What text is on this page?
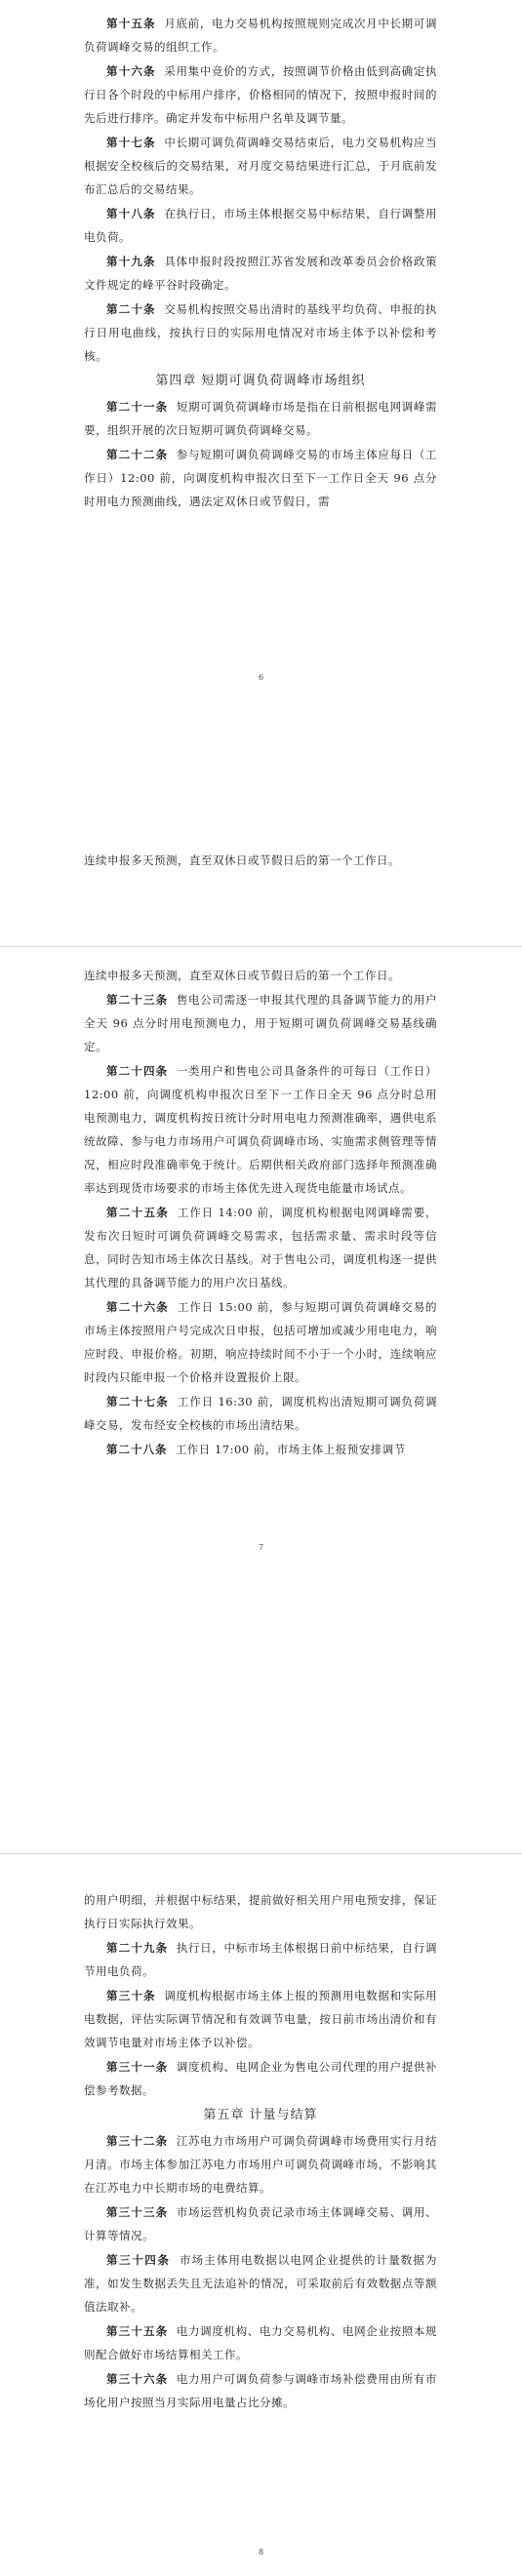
第十五条 月底前，电力交易机构按照规则完成次月中长期可调负荷调峰交易的组织工作。

第十六条 采用集中竞价的方式，按照调节价格由低到高确定执行日各个时段的中标用户排序，价格相同的情况下，按照申报时间的先后进行排序。确定并发布中标用户名单及调节量。

第十七条 中长期可调负荷调峰交易结束后，电力交易机构应当根据安全校核后的交易结果，对月度交易结果进行汇总，于月底前发布汇总后的交易结果。

第十八条 在执行日，市场主体根据交易中标结果，自行调整用电负荷。

第十九条 具体申报时段按照江苏省发展和改革委员会价格政策文件规定的峰平谷时段确定。

第二十条 交易机构按照交易出清时的基线平均负荷、申报的执行日用电曲线，按执行日的实际用电情况对市场主体予以补偿和考核。

第四章 短期可调负荷调峰市场组织

第二十一条 短期可调负荷调峰市场是指在日前根据电网调峰需要，组织开展的次日短期可调负荷调峰交易。

第二十二条 参与短期可调负荷调峰交易的市场主体应每日（工作日）12:00 前，向调度机构申报次日至下一工作日全天 96 点分时用电力预测曲线，遇法定双休日或节假日，需

6

连续申报多天预测，直至双休日或节假日后的第一个工作日。

连续申报多天预测，直至双休日或节假日后的第一个工作日。

第二十三条 售电公司需逐一申报其代理的具备调节能力的用户全天 96 点分时用电预测电力，用于短期可调负荷调峰交易基线确定。

第二十四条 一类用户和售电公司具备条件的可每日（工作日）12:00 前，向调度机构申报次日至下一工作日全天 96 点分时总用电预测电力，调度机构按日统计分时用电电力预测准确率，遇供电系统故障、参与电力市场用户可调负荷调峰市场、实施需求侧管理等情况，相应时段准确率免于统计。后期供相关政府部门选择年预测准确率达到现货市场要求的市场主体优先进入现货电能量市场试点。

第二十五条 工作日 14:00 前，调度机构根据电网调峰需要，发布次日短时可调负荷调峰交易需求，包括需求量、需求时段等信息，同时告知市场主体次日基线。对于售电公司，调度机构逐一提供其代理的具备调节能力的用户次日基线。

第二十六条 工作日 15:00 前，参与短期可调负荷调峰交易的市场主体按照用户号完成次日申报，包括可增加或减少用电电力，响应时段、申报价格。初期，响应持续时间不小于一个小时，连续响应时段内只能申报一个价格并设置报价上限。

第二十七条 工作日 16:30 前，调度机构出清短期可调负荷调峰交易，发布经安全校核的市场出清结果。

第二十八条 工作日 17:00 前，市场主体上报预安排调节

7

的用户明细，并根据中标结果，提前做好相关用户用电预安排，保证执行日实际执行效果。

第二十九条 执行日，中标市场主体根据日前中标结果，自行调节用电负荷。

第三十条 调度机构根据市场主体上报的预测用电数据和实际用电数据，评估实际调节情况和有效调节电量，按日前市场出清价和有效调节电量对市场主体予以补偿。

第三十一条 调度机构、电网企业为售电公司代理的用户提供补偿参考数据。

第五章 计量与结算

第三十二条 江苏电力市场用户可调负荷调峰市场费用实行月结月清。市场主体参加江苏电力市场用户可调负荷调峰市场，不影响其在江苏电力中长期市场的电费结算。

第三十三条 市场运营机构负责记录市场主体调峰交易、调用、计算等情况。

第三十四条 市场主体用电数据以电网企业提供的计量数据为准，如发生数据丢失且无法追补的情况，可采取前后有效数据点等额值法取补。

第三十五条 电力调度机构、电力交易机构、电网企业按照本规则配合做好市场结算相关工作。

第三十六条 电力用户可调负荷参与调峰市场补偿费用由所有市场化用户按照当月实际用电量占比分摊。

8
